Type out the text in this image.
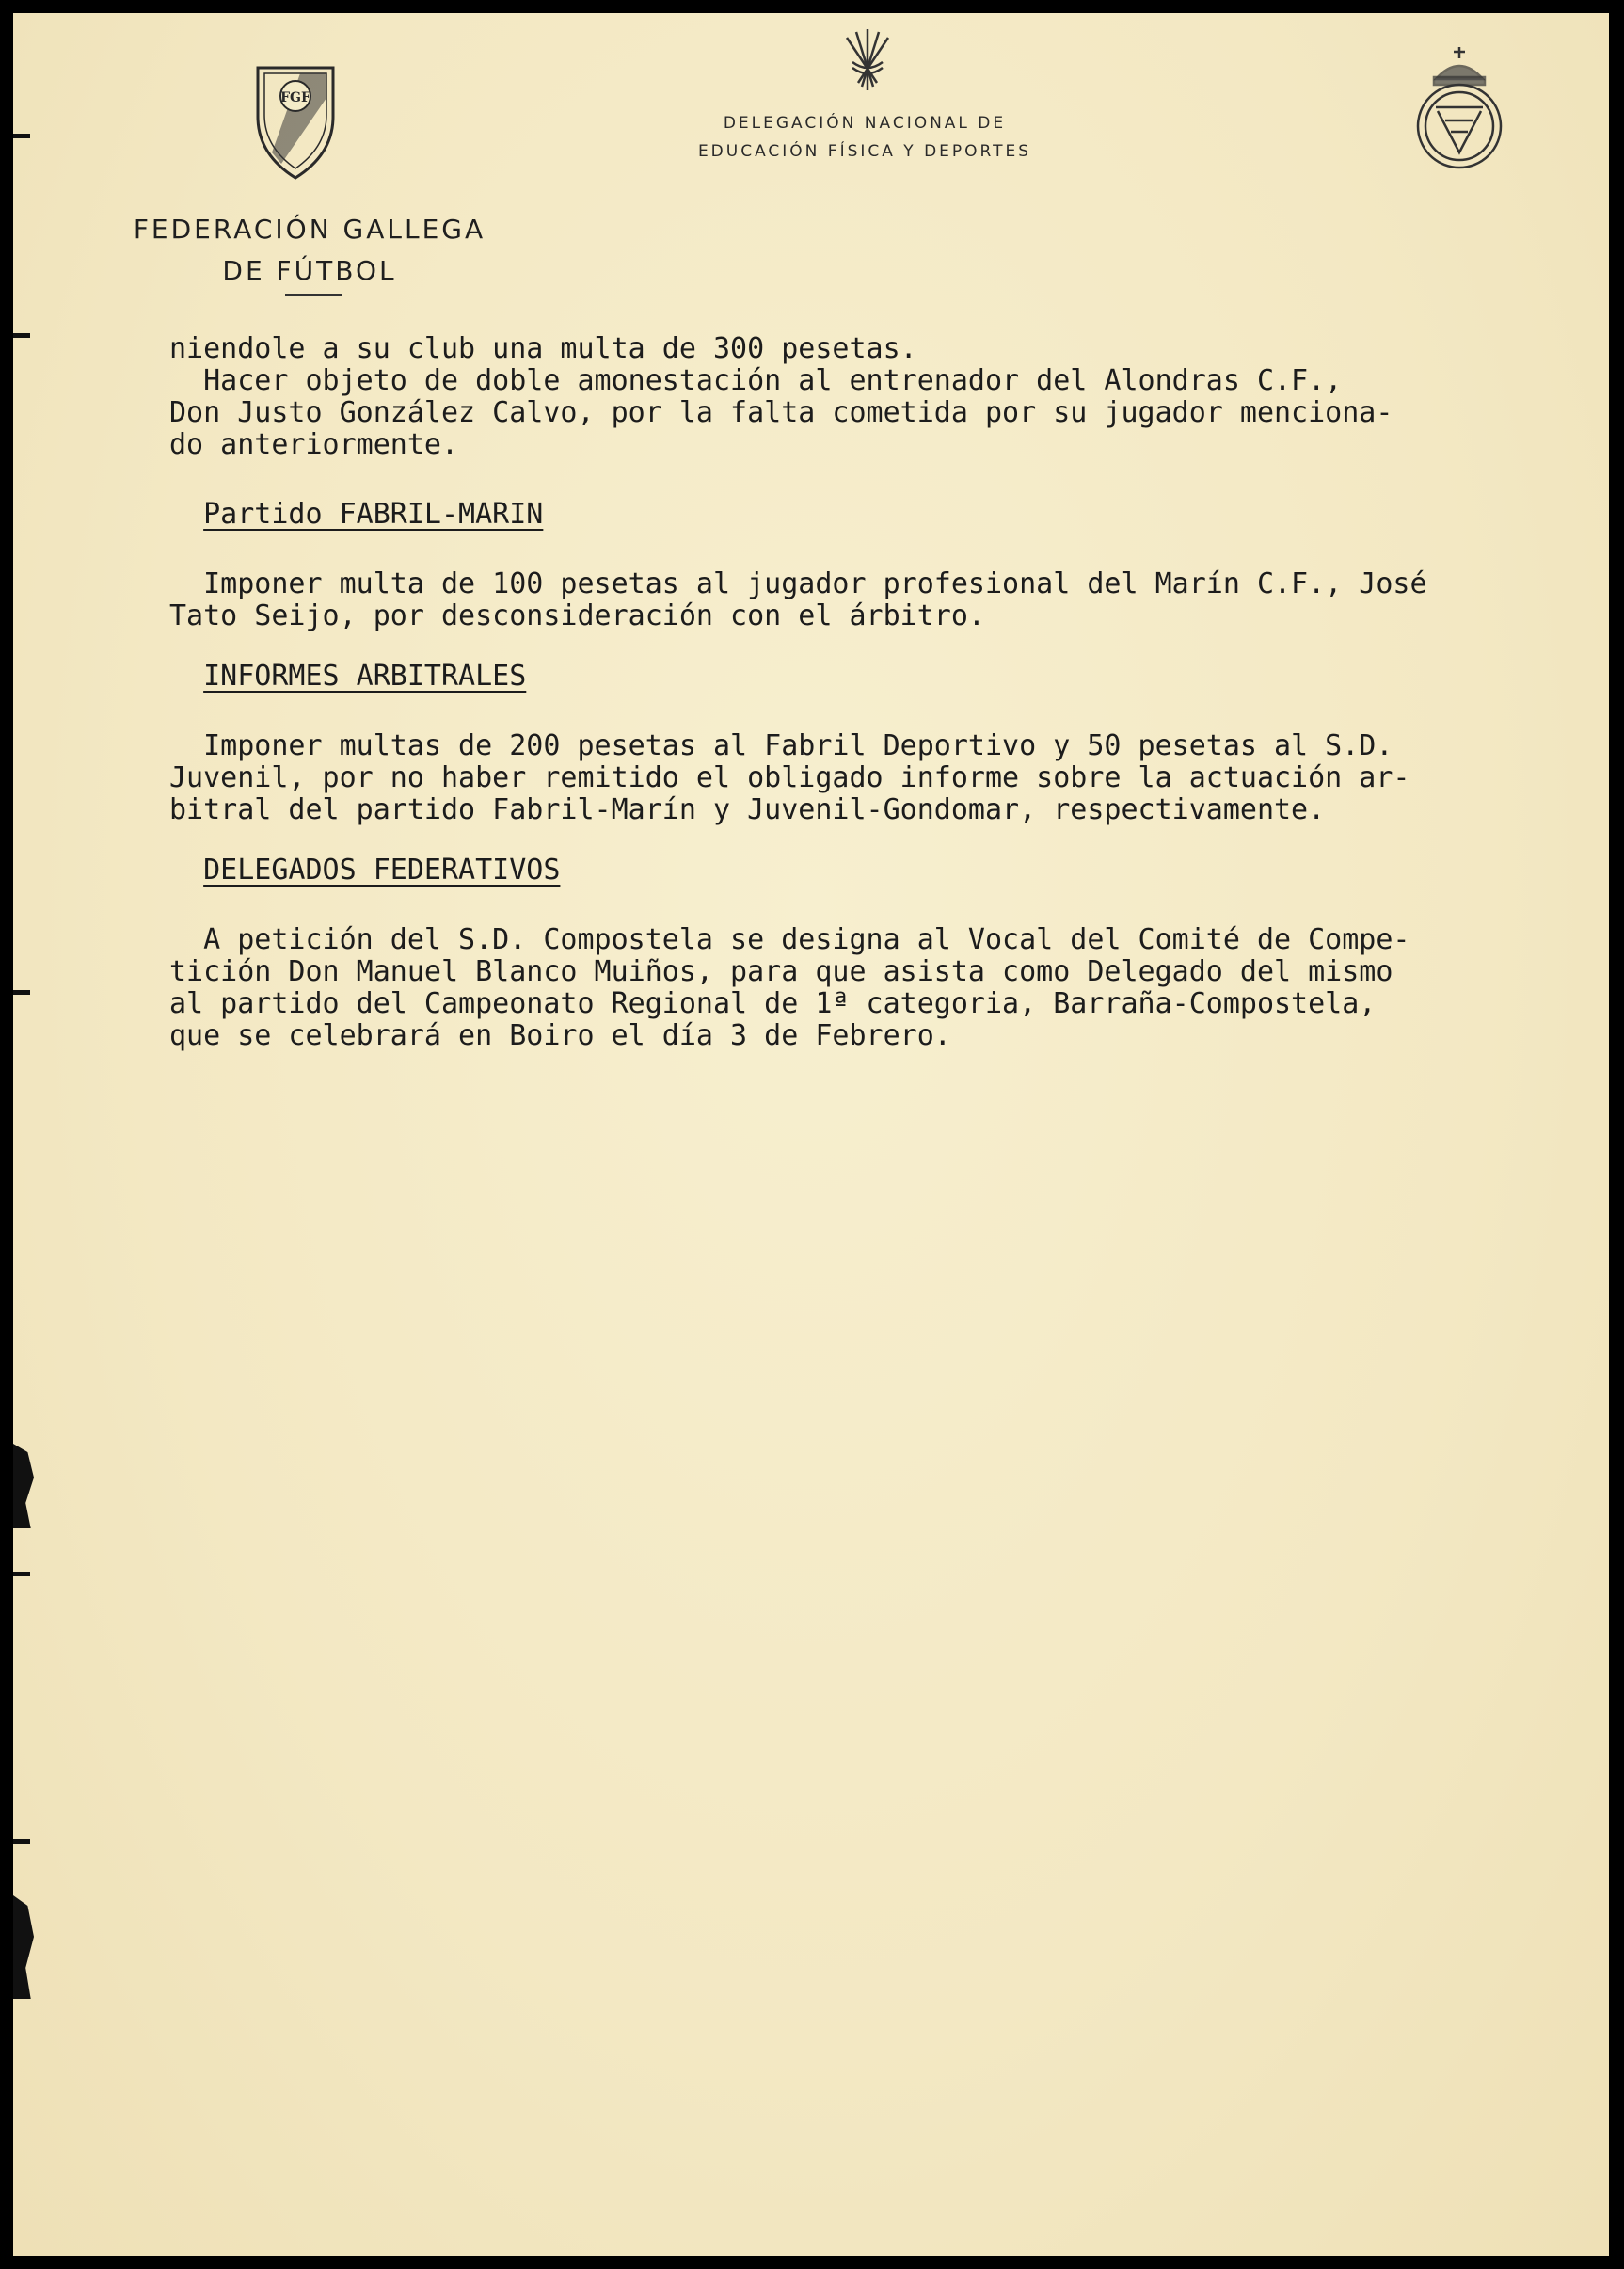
FGF
FEDERACIÓN GALLEGA
DE FÚTBOL
DELEGACIÓN NACIONAL DE
EDUCACIÓN FÍSICA Y DEPORTES
niendole a su club una multa de 300 pesetas.
Hacer objeto de doble amonestación al entrenador del Alondras C.F.,
Don Justo González Calvo, por la falta cometida por su jugador menciona-
do anteriormente.
Partido FABRIL-MARIN
Imponer multa de 100 pesetas al jugador profesional del Marín C.F., José
Tato Seijo, por desconsideración con el árbitro.
INFORMES ARBITRALES
Imponer multas de 200 pesetas al Fabril Deportivo y 50 pesetas al S.D.
Juvenil, por no haber remitido el obligado informe sobre la actuación ar-
bitral del partido Fabril-Marín y Juvenil-Gondomar, respectivamente.
DELEGADOS FEDERATIVOS
A petición del S.D. Compostela se designa al Vocal del Comité de Compe-
tición Don Manuel Blanco Muiños, para que asista como Delegado del mismo
al partido del Campeonato Regional de 1ª categoria, Barraña-Compostela,
que se celebrará en Boiro el día 3 de Febrero.
